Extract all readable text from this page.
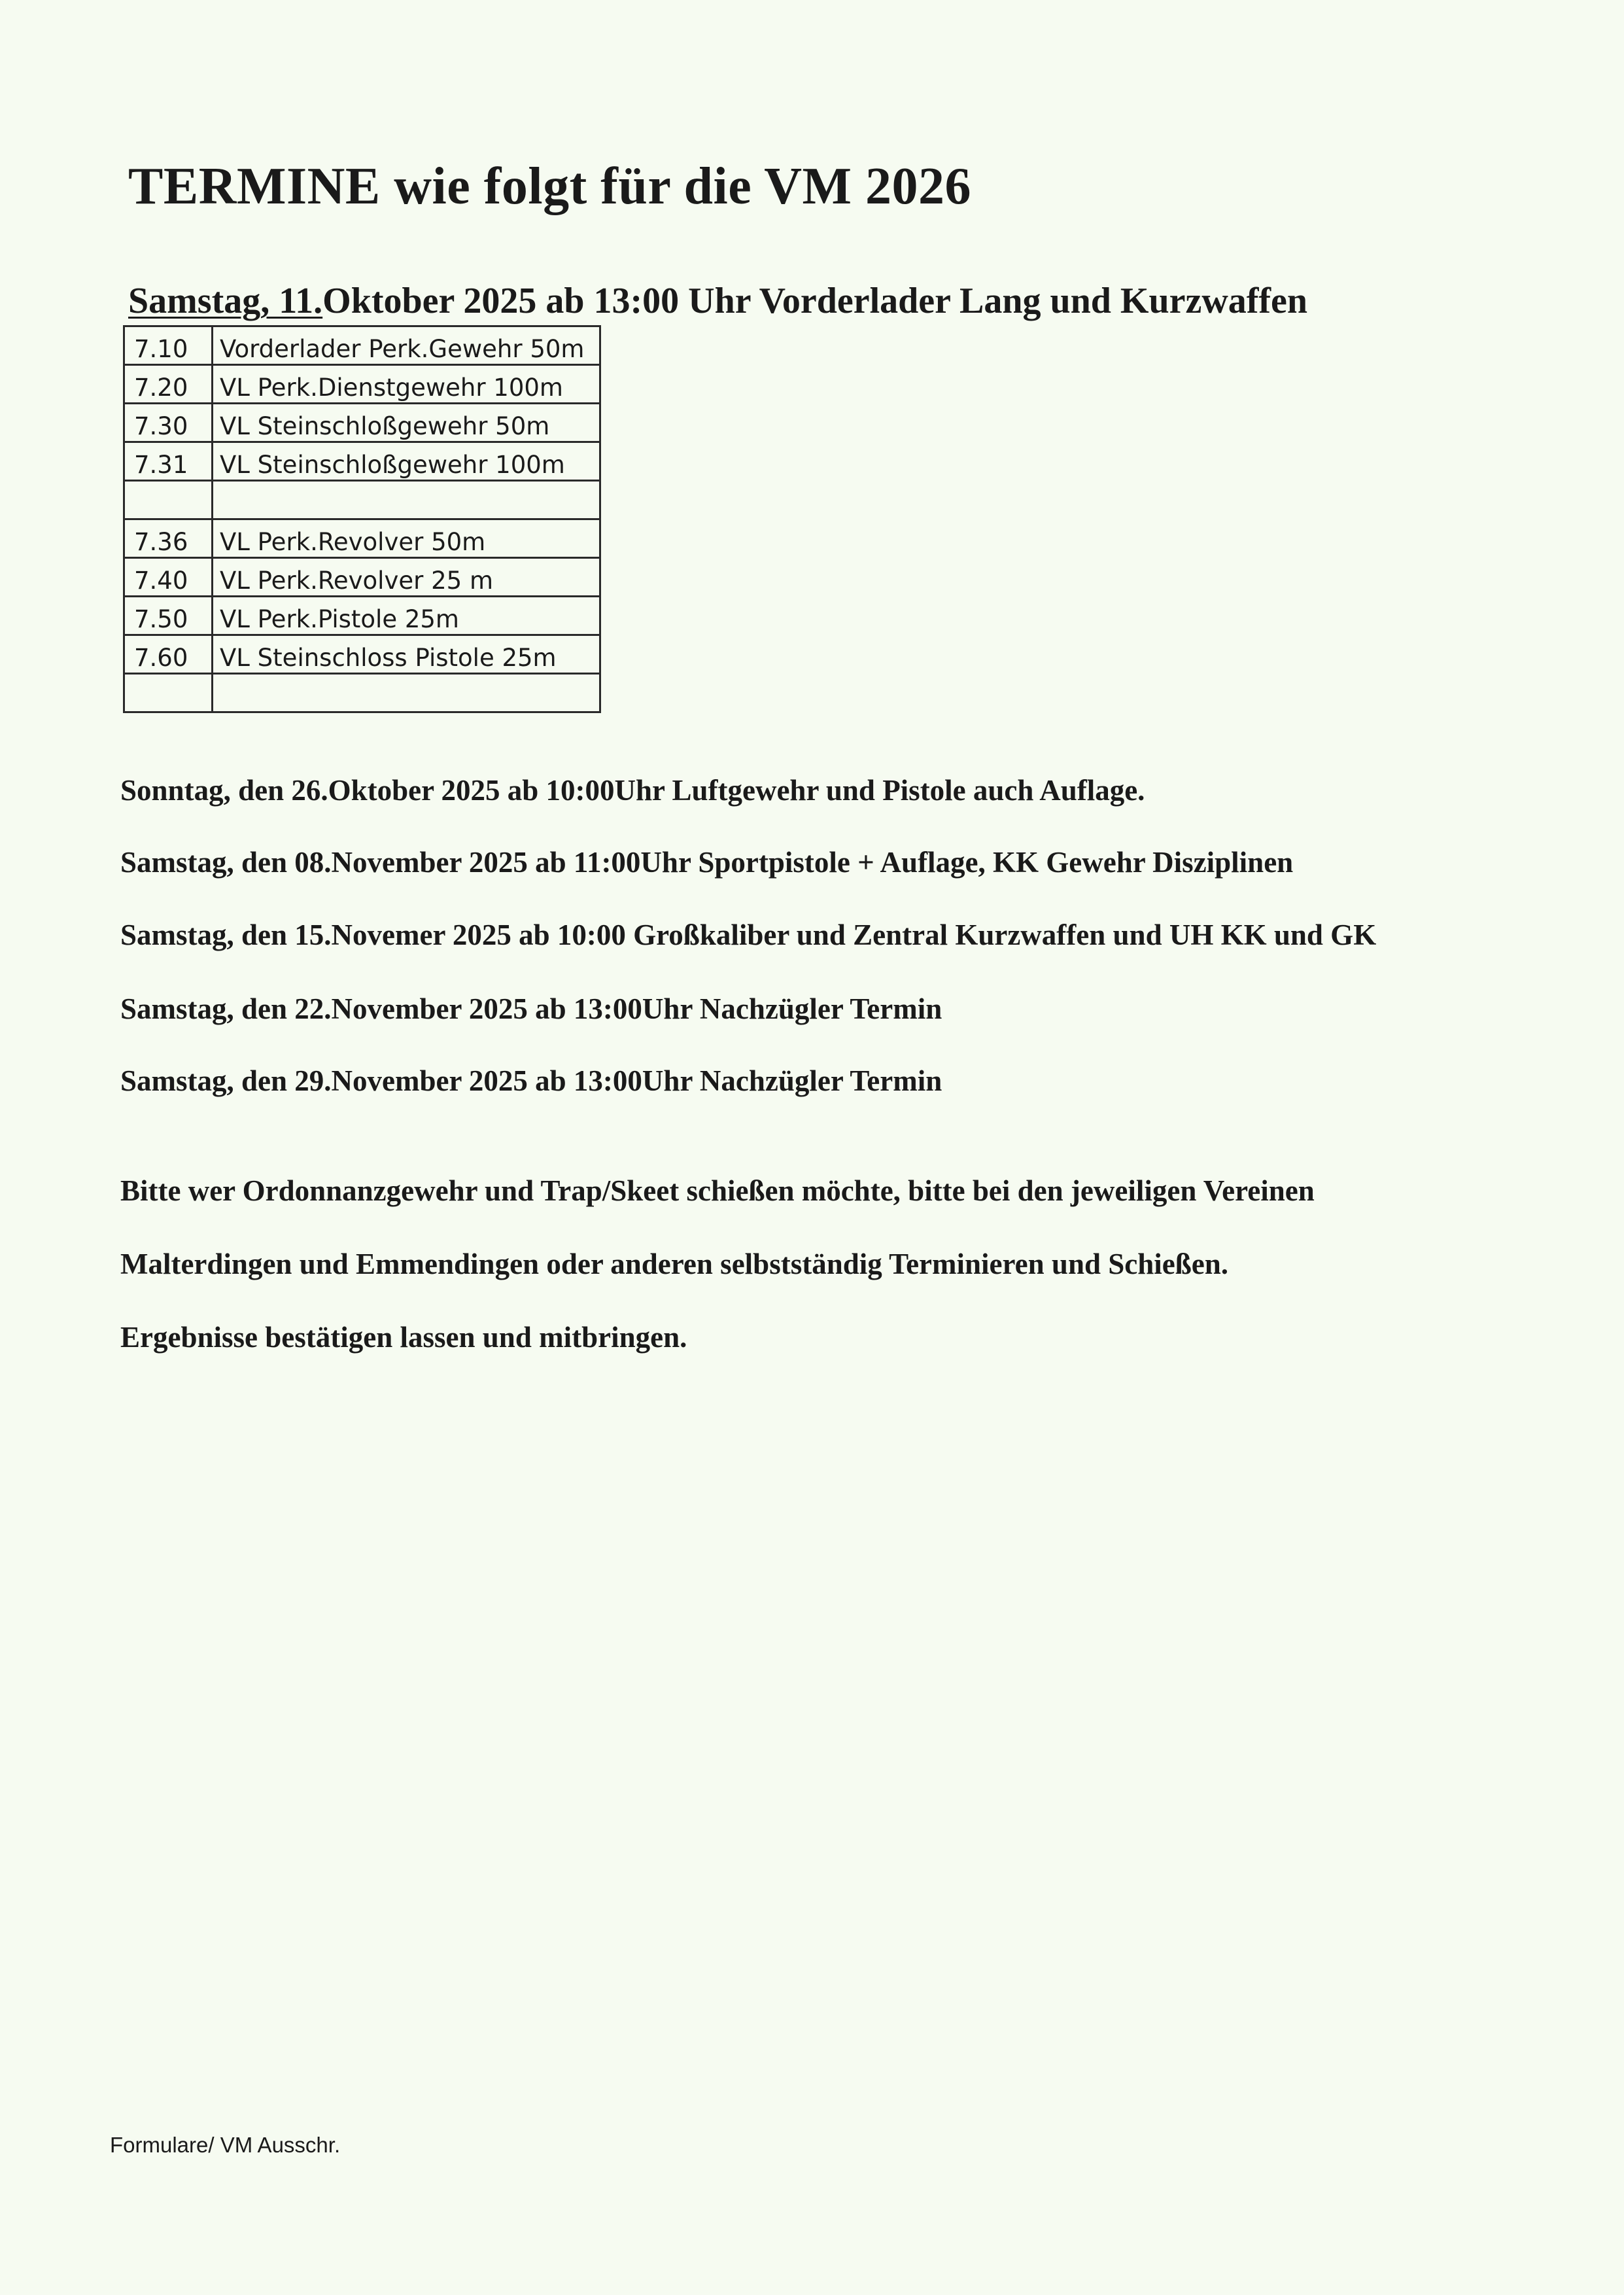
TERMINE wie folgt für die VM 2026
Samstag, 11.Oktober 2025 ab 13:00 Uhr Vorderlader Lang und Kurzwaffen
7.10	Vorderlader Perk.Gewehr 50m
7.20	VL Perk.Dienstgewehr 100m
7.30	VL Steinschloßgewehr 50m
7.31	VL Steinschloßgewehr 100m

7.36	VL Perk.Revolver 50m
7.40	VL Perk.Revolver 25 m
7.50	VL Perk.Pistole 25m
7.60	VL Steinschloss Pistole 25m

Sonntag, den 26.Oktober 2025 ab 10:00Uhr Luftgewehr und Pistole auch Auflage.
Samstag, den 08.November 2025 ab 11:00Uhr Sportpistole + Auflage, KK Gewehr Disziplinen
Samstag, den 15.Novemer 2025 ab 10:00 Großkaliber und Zentral Kurzwaffen und UH KK und GK
Samstag, den 22.November 2025 ab 13:00Uhr Nachzügler Termin
Samstag, den 29.November 2025 ab 13:00Uhr Nachzügler Termin
Bitte wer Ordonnanzgewehr und Trap/Skeet schießen möchte, bitte bei den jeweiligen Vereinen
Malterdingen und Emmendingen oder anderen selbstständig Terminieren und Schießen.
Ergebnisse bestätigen lassen und mitbringen.
Formulare/ VM Ausschr.
